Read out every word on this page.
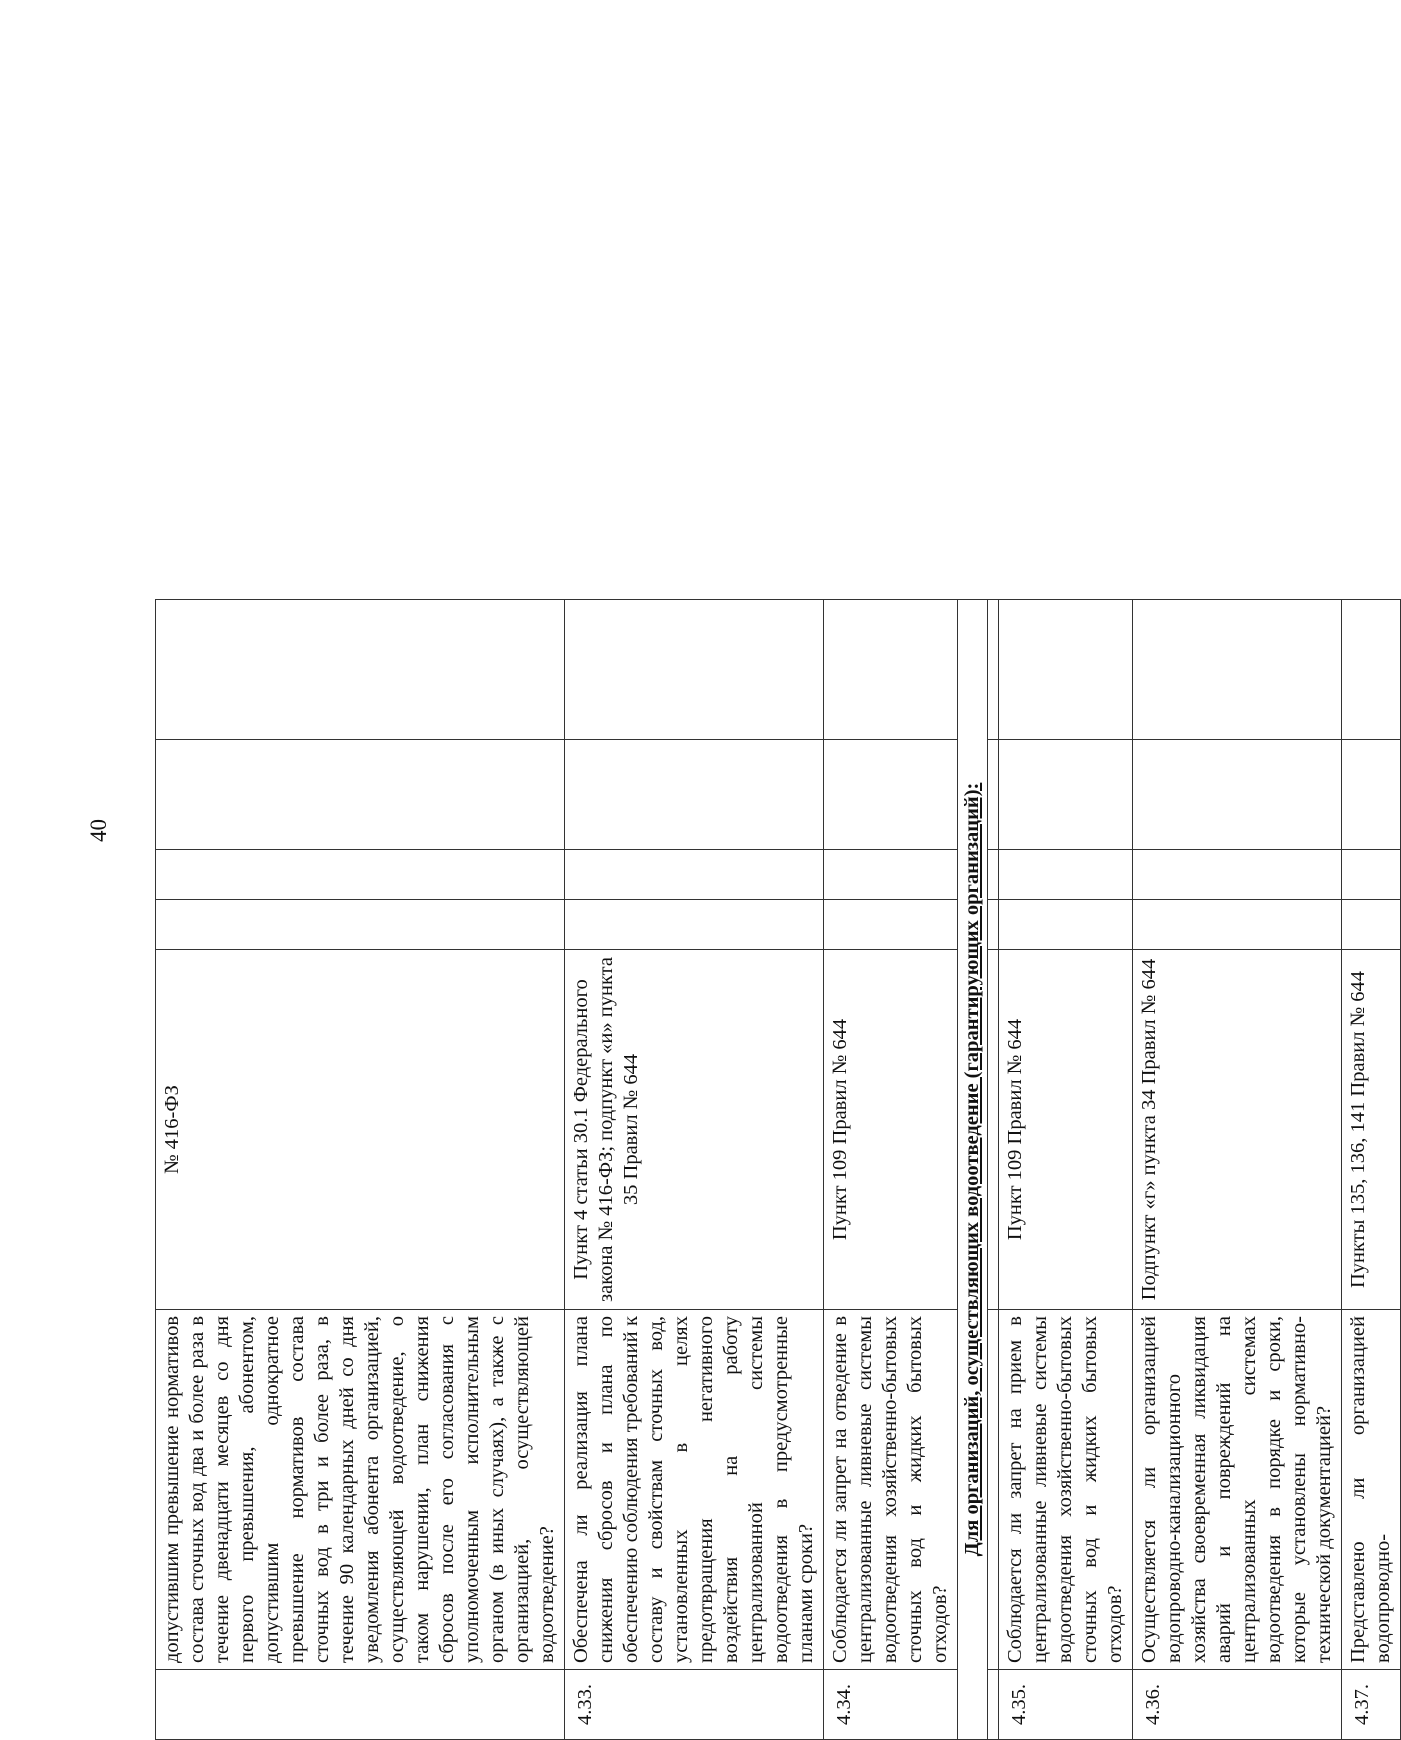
40
	допустившим превышение нормативов состава сточных вод два и более раза в течение двенадцати месяцев со дня первого превышения, абонентом, допустившим однократное превышение нормативов состава сточных вод в три и более раза, в течение 90 календарных дней со дня уведомления абонента организацией, осуществляющей водоотведение, о таком нарушении, план снижения сбросов после его согласования с уполномоченным исполнительным органом (в иных случаях), а также с организацией, осуществляющей водоотведение?	№ 416-ФЗ				
4.33.	Обеспечена ли реализация плана снижения сбросов и плана по обеспечению соблюдения требований к составу и свойствам сточных вод, установленных в целях предотвращения негативного воздействия на работу централизованной системы водоотведения в предусмотренные планами сроки?	Пункт 4 статьи 30.1 Федерального закона № 416-ФЗ; подпункт «и» пункта 35 Правил № 644				
4.34.	Соблюдается ли запрет на отведение в централизованные ливневые системы водоотведения хозяйственно-бытовых сточных вод и жидких бытовых отходов?	Пункт 109 Правил № 644				
Для организаций, осуществляющих водоотведение (гарантирующих организаций):						

4.35.	Соблюдается ли запрет на прием в централизованные ливневые системы водоотведения хозяйственно-бытовых сточных вод и жидких бытовых отходов?	Пункт 109 Правил № 644				
4.36.	Осуществляется ли организацией водопроводно-канализационного хозяйства своевременная ликвидация аварий и повреждений на централизованных системах водоотведения в порядке и сроки, которые установлены нормативно-технической документацией?	Подпункт «г» пункта 34 Правил № 644				
4.37.	Представлено ли организацией водопроводно-	Пункты 135, 136, 141 Правил № 644				
